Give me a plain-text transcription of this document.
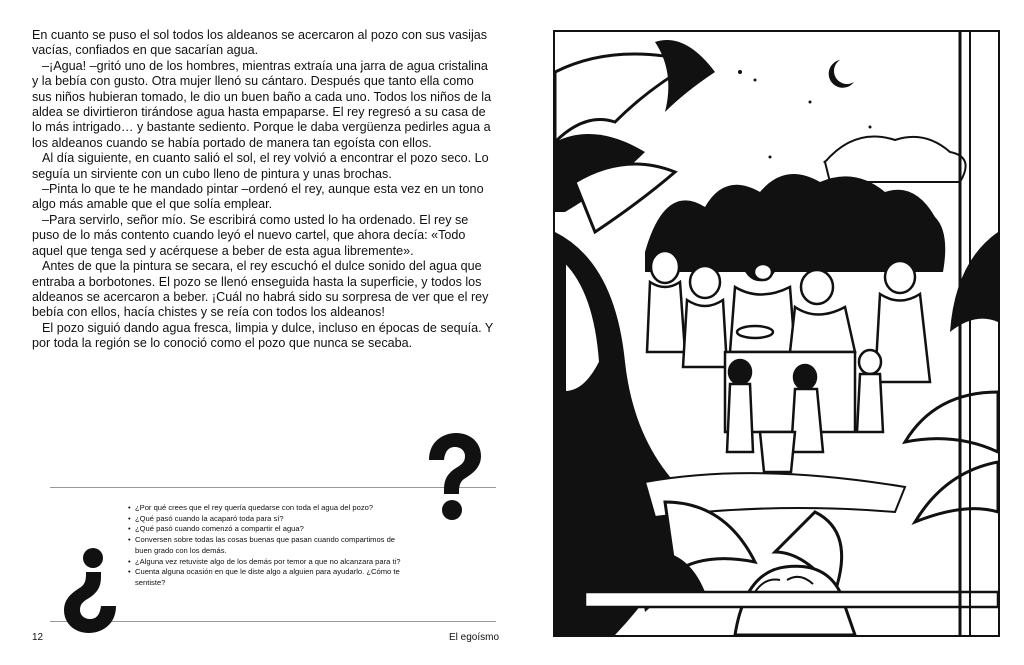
En cuanto se puso el sol todos los aldeanos se acercaron al pozo con sus vasijas vacías, confiados en que sacarían agua.

–¡Agua! –gritó uno de los hombres, mientras extraía una jarra de agua cristalina y la bebía con gusto. Otra mujer llenó su cántaro. Después que tanto ella como sus niños hubieran tomado, le dio un buen baño a cada uno. Todos los niños de la aldea se divirtieron tirándose agua hasta empaparse. El rey regresó a su casa de lo más intrigado… y bastante sediento. Porque le daba vergüenza pedirles agua a los aldeanos cuando se había portado de manera tan egoísta con ellos.

Al día siguiente, en cuanto salió el sol, el rey volvió a encontrar el pozo seco. Lo seguía un sirviente con un cubo lleno de pintura y unas brochas.

–Pinta lo que te he mandado pintar –ordenó el rey, aunque esta vez en un tono algo más amable que el que solía emplear.

–Para servirlo, señor mío. Se escribirá como usted lo ha ordenado. El rey se puso de lo más contento cuando leyó el nuevo cartel, que ahora decía: «Todo aquel que tenga sed y acérquese a beber de esta agua libremente».

Antes de que la pintura se secara, el rey escuchó el dulce sonido del agua que entraba a borbotones. El pozo se llenó enseguida hasta la superficie, y todos los aldeanos se acercaron a beber. ¡Cuál no habrá sido su sorpresa de ver que el rey bebía con ellos, hacía chistes y se reía con todos los aldeanos!

El pozo siguió dando agua fresca, limpia y dulce, incluso en épocas de sequía. Y por toda la región se lo conoció como el pozo que nunca se secaba.

• ¿Por qué crees que el rey quería quedarse con toda el agua del pozo?
• ¿Qué pasó cuando la acaparó toda para sí?
• ¿Qué pasó cuando comenzó a compartir el agua?
• Conversen sobre todas las cosas buenas que pasan cuando compartimos de buen grado con los demás.
• ¿Alguna vez retuviste algo de los demás por temor a que no alcanzara para ti?
• Cuenta alguna ocasión en que le diste algo a alguien para ayudarlo. ¿Cómo te sentiste?
12	El egoísmo
